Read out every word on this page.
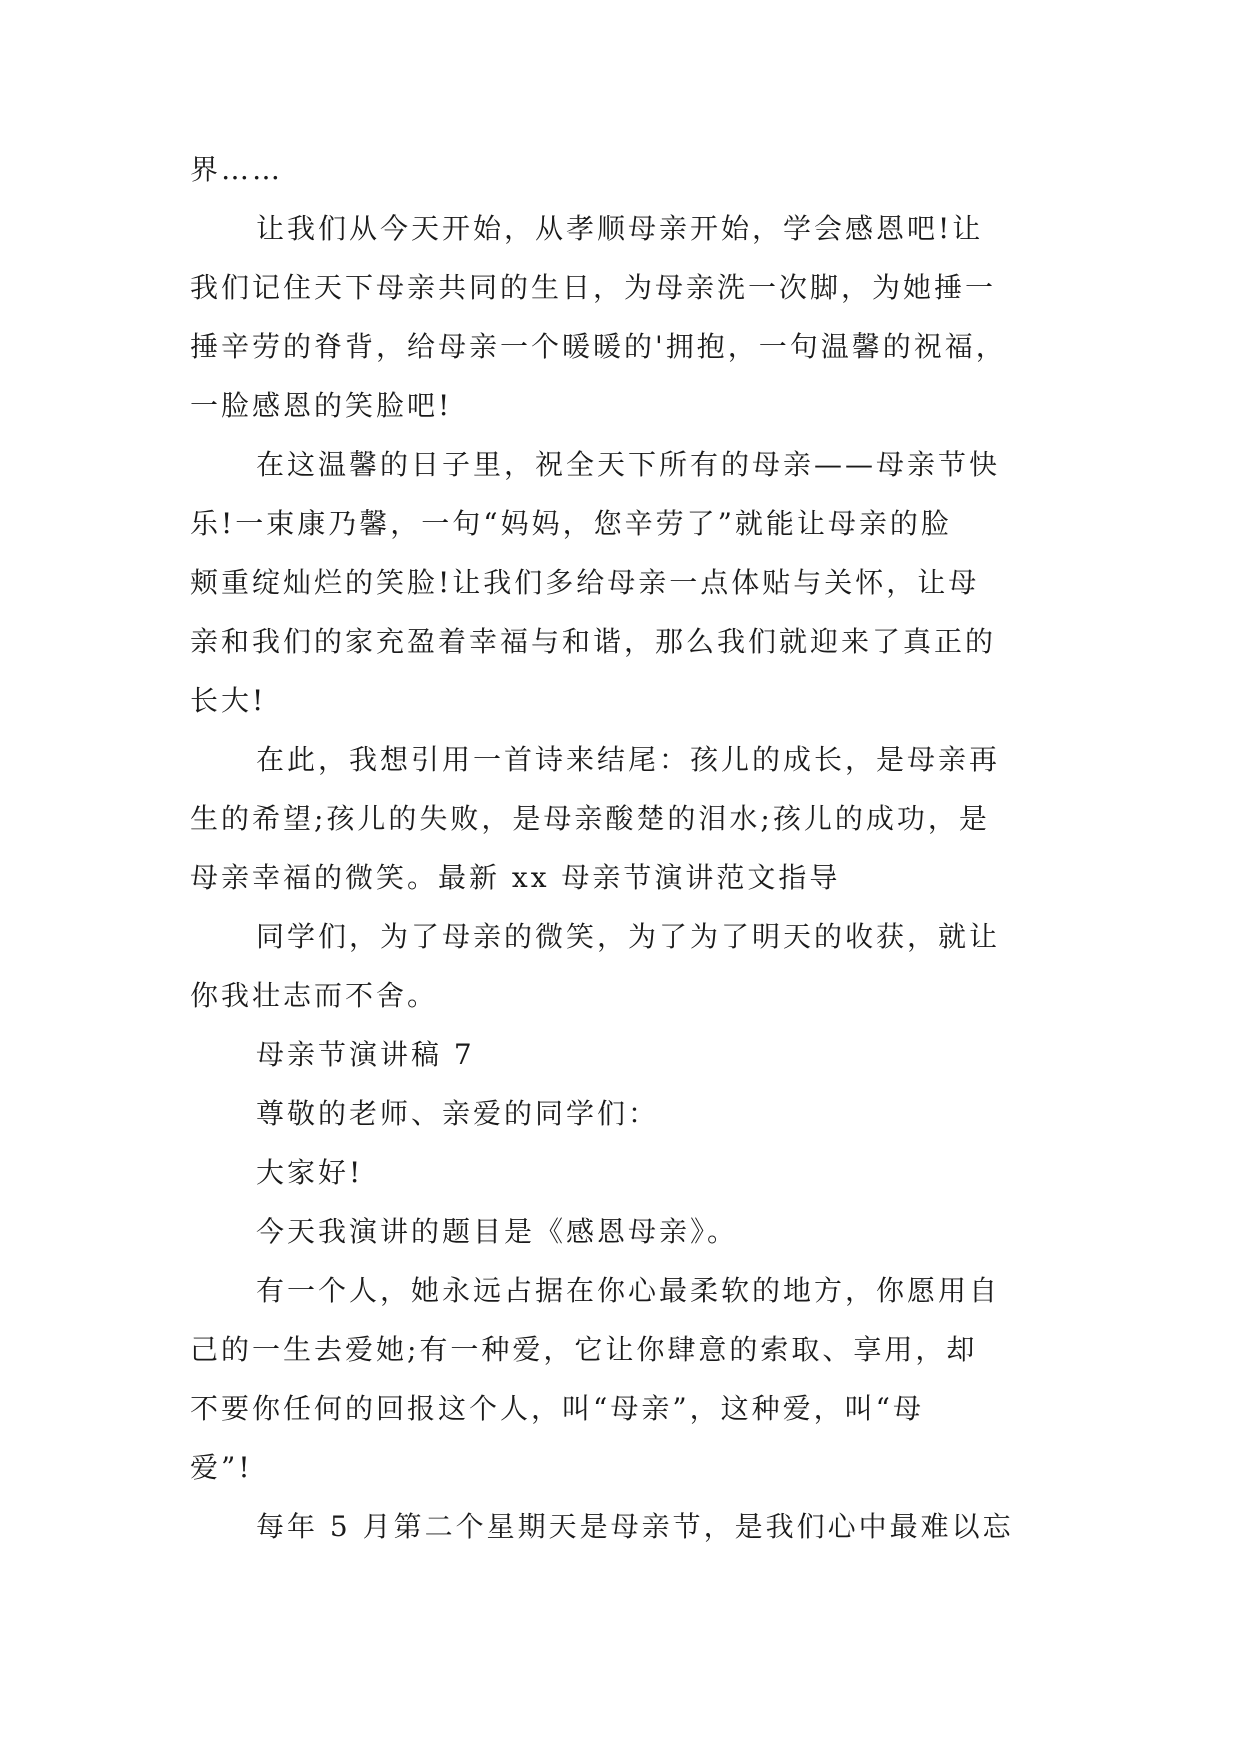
界……
让我们从今天开始，从孝顺母亲开始，学会感恩吧!让
我们记住天下母亲共同的生日，为母亲洗一次脚，为她捶一
捶辛劳的脊背，给母亲一个暖暖的'拥抱，一句温馨的祝福，
一脸感恩的笑脸吧!
在这温馨的日子里，祝全天下所有的母亲——母亲节快
乐!一束康乃馨，一句“妈妈，您辛劳了”就能让母亲的脸
颊重绽灿烂的笑脸!让我们多给母亲一点体贴与关怀，让母
亲和我们的家充盈着幸福与和谐，那么我们就迎来了真正的
长大!
在此，我想引用一首诗来结尾：孩儿的成长，是母亲再
生的希望;孩儿的失败，是母亲酸楚的泪水;孩儿的成功，是
母亲幸福的微笑。最新 xx 母亲节演讲范文指导
同学们，为了母亲的微笑，为了为了明天的收获，就让
你我壮志而不舍。
母亲节演讲稿 7
尊敬的老师、亲爱的同学们：
大家好!
今天我演讲的题目是《感恩母亲》。
有一个人，她永远占据在你心最柔软的地方，你愿用自
己的一生去爱她;有一种爱，它让你肆意的索取、享用，却
不要你任何的回报这个人，叫“母亲”，这种爱，叫“母
爱”!
每年 5 月第二个星期天是母亲节，是我们心中最难以忘
